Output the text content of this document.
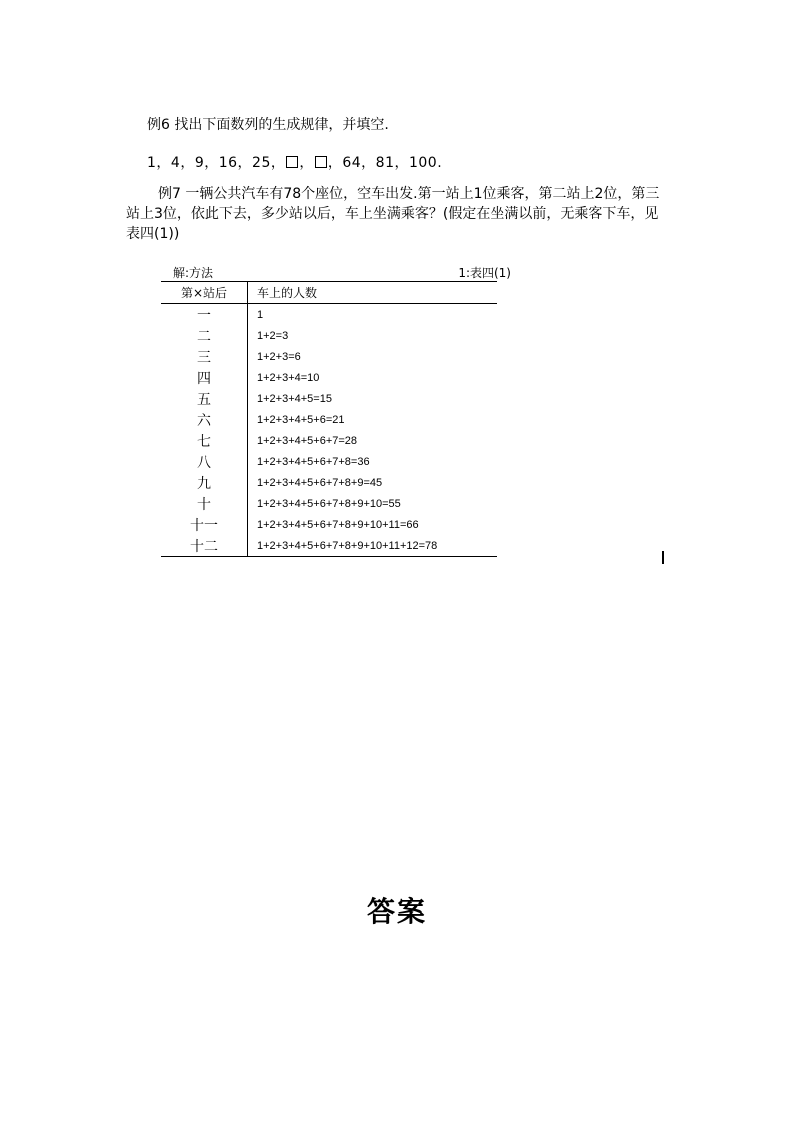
例6 找出下面数列的生成规律，并填空.
1，4，9，16，25， ， ，64，81，100.
例7 一辆公共汽车有78个座位，空车出发.第一站上1位乘客，第二站上2位，第三站上3位，依此下去，多少站以后，车上坐满乘客？(假定在坐满以前，无乘客下车，见表四(1))
解:方法	1:表四(1)
第×站后	车上的人数
一	1
二	1+2=3
三	1+2+3=6
四	1+2+3+4=10
五	1+2+3+4+5=15
六	1+2+3+4+5+6=21
七	1+2+3+4+5+6+7=28
八	1+2+3+4+5+6+7+8=36
九	1+2+3+4+5+6+7+8+9=45
十	1+2+3+4+5+6+7+8+9+10=55
十一	1+2+3+4+5+6+7+8+9+10+11=66
十二	1+2+3+4+5+6+7+8+9+10+11+12=78
答案
